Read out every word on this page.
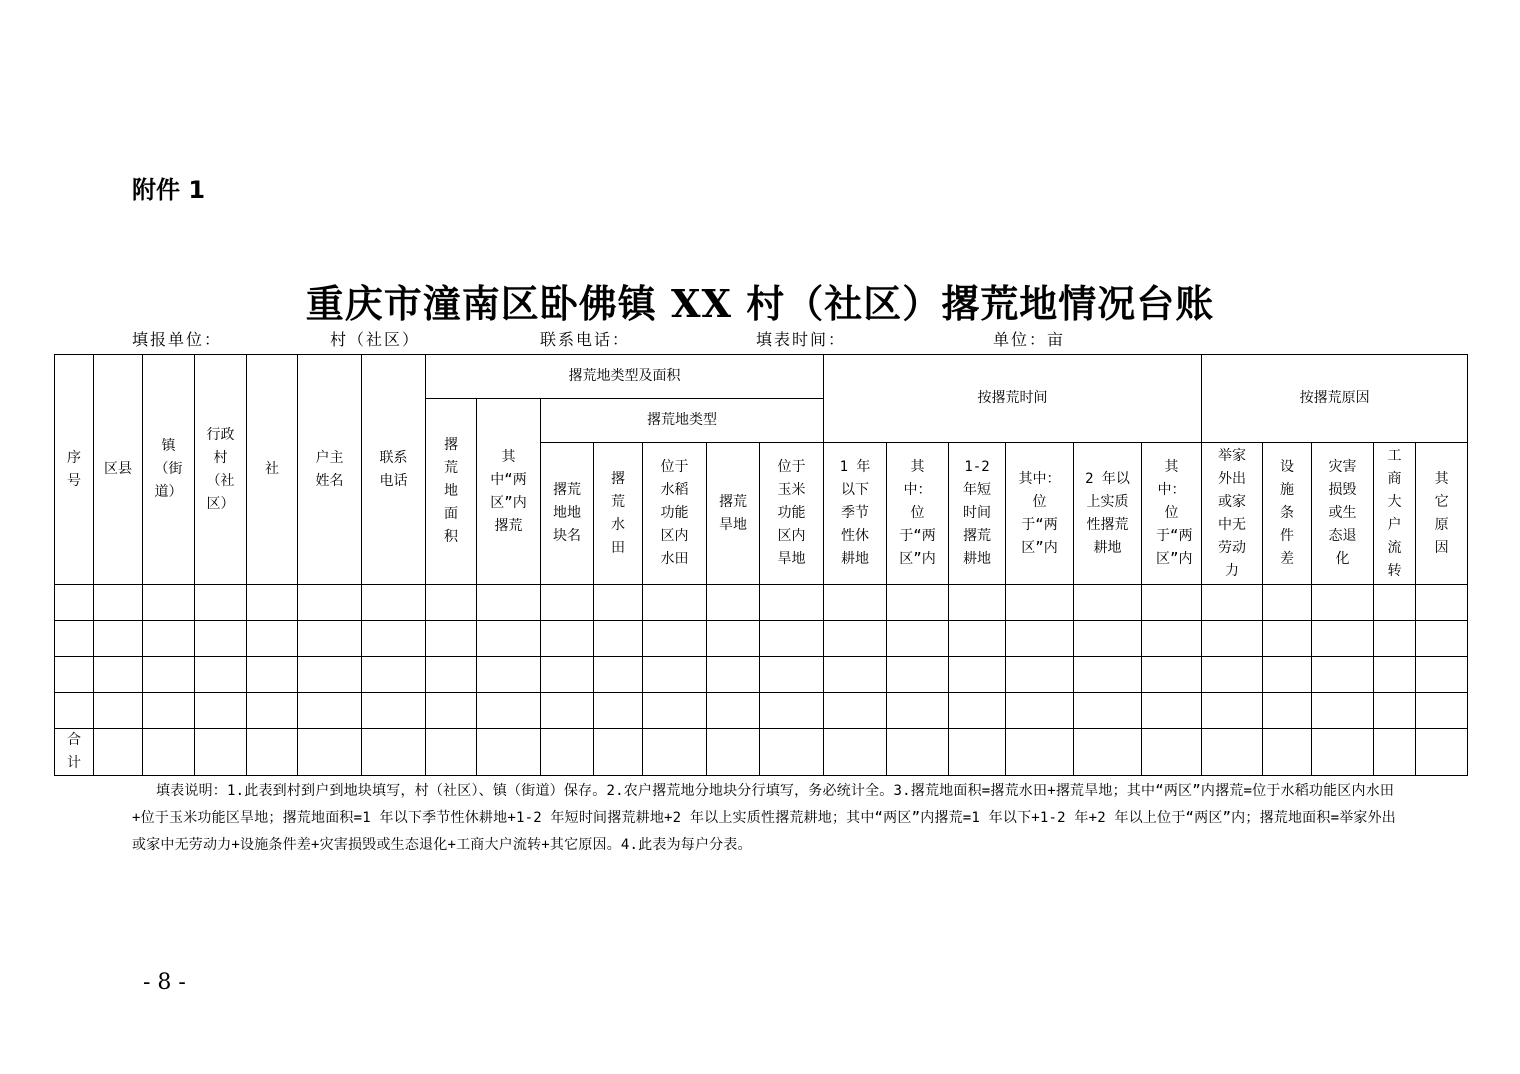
附件 1
重庆市潼南区卧佛镇 XX 村（社区）撂荒地情况台账
填报单位：	村（社区）	联系电话：	填表时间：	单位：亩
序号	区县	镇（街道）	行政村（社区）	社	户主姓名	联系电话	撂荒地类型及面积							按撂荒时间						按撂荒原因				
							撂荒地面积	其中“两区”内撂荒	撂荒地类型															
									撂荒地地块名	撂荒水田	位于水稻功能区内水田	撂荒旱地	位于玉米功能区内旱地	1 年以下季节性休耕地	其中：位于“两区”内	1-2 年短时间撂荒耕地	其中：位于“两区”内	2 年以上实质性撂荒耕地	其中：位于“两区”内	举家外出或家中无劳动力	设施条件差	灾害损毁或生态退化	工商大户流转	其它原因

合计																								
填表说明：1.此表到村到户到地块填写，村（社区）、镇（街道）保存。2.农户撂荒地分地块分行填写，务必统计全。3.撂荒地面积=撂荒水田+撂荒旱地；其中“两区”内撂荒=位于水稻功能区内水田+位于玉米功能区旱地；撂荒地面积=1 年以下季节性休耕地+1-2 年短时间撂荒耕地+2 年以上实质性撂荒耕地；其中“两区”内撂荒=1 年以下+1-2 年+2 年以上位于“两区”内；撂荒地面积=举家外出或家中无劳动力+设施条件差+灾害损毁或生态退化+工商大户流转+其它原因。4.此表为每户分表。
- 8 -
